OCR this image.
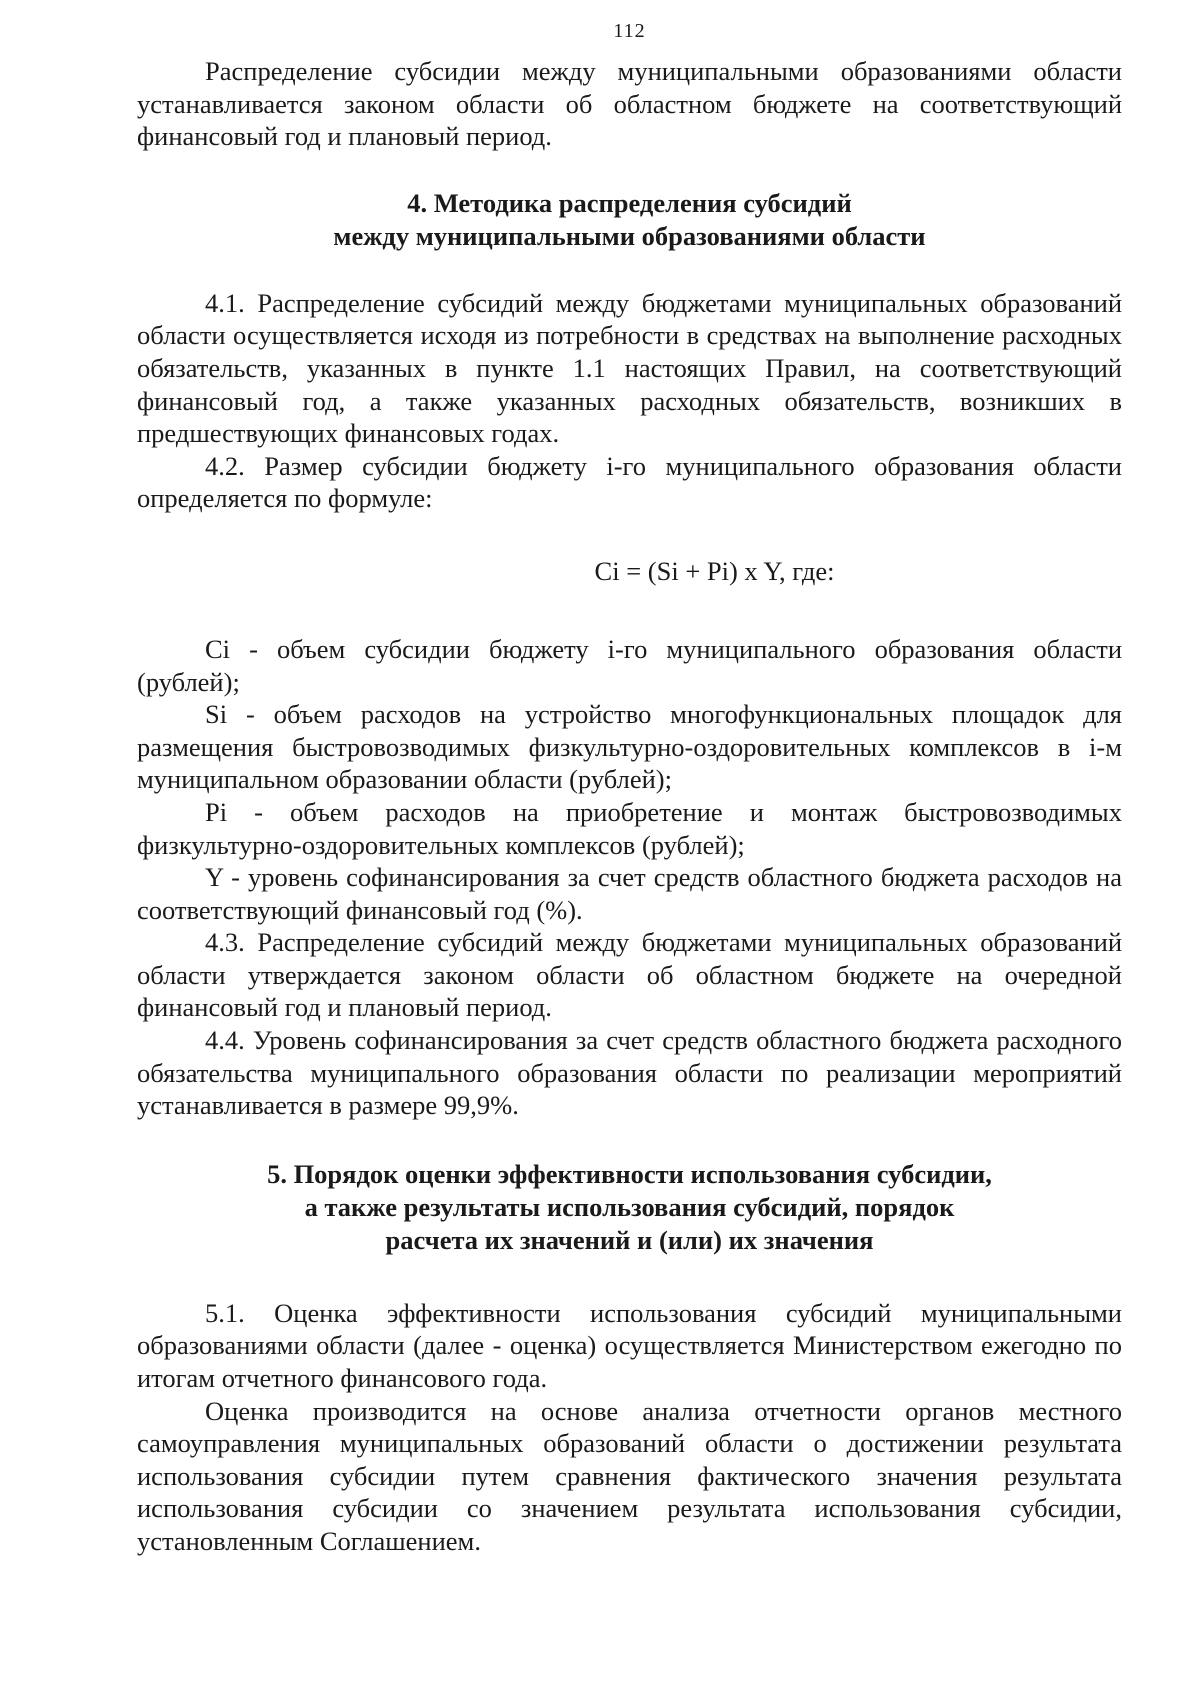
112

Распределение субсидии между муниципальными образованиями области устанавливается законом области об областном бюджете на соответствующий финансовый год и плановый период.

4. Методика распределения субсидий
между муниципальными образованиями области

4.1. Распределение субсидий между бюджетами муниципальных образований области осуществляется исходя из потребности в средствах на выполнение расходных обязательств, указанных в пункте 1.1 настоящих Правил, на соответствующий финансовый год, а также указанных расходных обязательств, возникших в предшествующих финансовых годах.

4.2. Размер субсидии бюджету i-го муниципального образования области определяется по формуле:

Ci = (Si + Pi) x Y, где:

Ci - объем субсидии бюджету i-го муниципального образования области (рублей);

Si - объем расходов на устройство многофункциональных площадок для размещения быстровозводимых физкультурно-оздоровительных комплексов в i-м муниципальном образовании области (рублей);

Pi - объем расходов на приобретение и монтаж быстровозводимых физкультурно-оздоровительных комплексов (рублей);

Y - уровень софинансирования за счет средств областного бюджета расходов на соответствующий финансовый год (%).

4.3. Распределение субсидий между бюджетами муниципальных образований области утверждается законом области об областном бюджете на очередной финансовый год и плановый период.

4.4. Уровень софинансирования за счет средств областного бюджета расходного обязательства муниципального образования области по реализации мероприятий устанавливается в размере 99,9%.

5. Порядок оценки эффективности использования субсидии,
а также результаты использования субсидий, порядок
расчета их значений и (или) их значения

5.1. Оценка эффективности использования субсидий муниципальными образованиями области (далее - оценка) осуществляется Министерством ежегодно по итогам отчетного финансового года.

Оценка производится на основе анализа отчетности органов местного самоуправления муниципальных образований области о достижении результата использования субсидии путем сравнения фактического значения результата использования субсидии со значением результата использования субсидии, установленным Соглашением.
